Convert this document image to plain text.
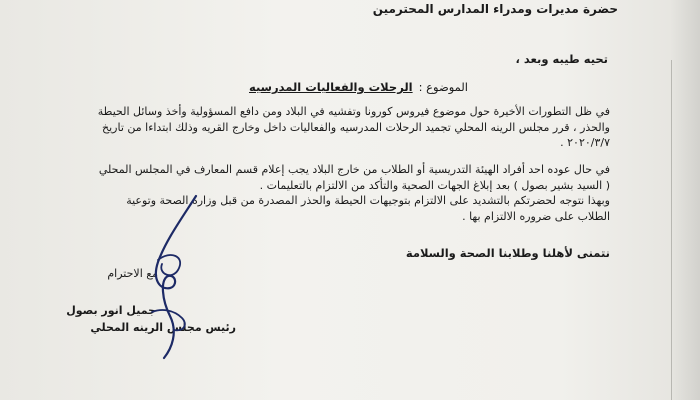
حضرة مديرات ومدراء المدارس المحترمين
تحيه طيبه وبعد ،
الموضوع :الرحلات والفعاليات المدرسيه
في ظل التطورات الأخيرة حول موضوع فيروس كورونا وتفشيه في البلاد ومن دافع المسؤولية وأخذ وسائل الحيطة
والحذر ، قرر مجلس الرينه المحلي تجميد الرحلات المدرسيه والفعاليات داخل وخارج القريه وذلك ابتداءا من تاريخ
٢٠٢٠/٣/٧ .
في حال عوده احد أفراد الهيئة التدريسية أو الطلاب من خارج البلاد يجب إعلام قسم المعارف في المجلس المحلي
( السيد بشير بصول ) بعد إبلاغ الجهات الصحية والتأكد من الالتزام بالتعليمات .
وبهذا نتوجه لحضرتكم بالتشديد على الالتزام بتوجيهات الحيطة والحذر المصدرة من قبل وزاره الصحة وتوعية
الطلاب على ضروره الالتزام بها .
نتمنى لأهلنا وطلابنا الصحة والسلامة
مع الاحترام
جميل انور بصول
رئيس مجلس الرينه المحلي
